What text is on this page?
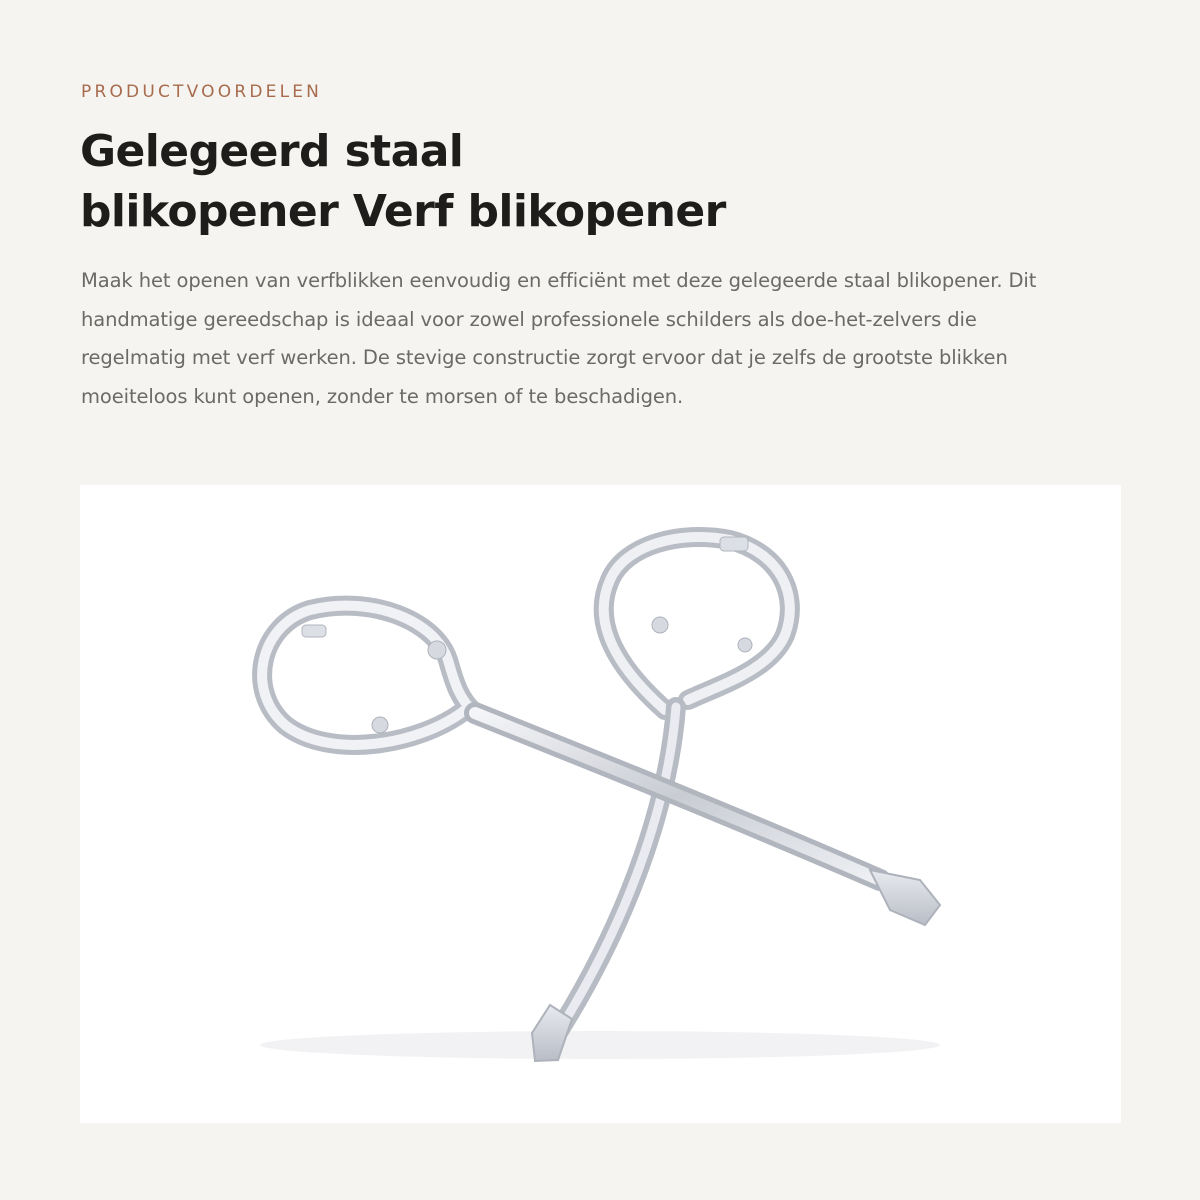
PRODUCTVOORDELEN

Gelegeerd staal
blikopener Verf blikopener

Maak het openen van verfblikken eenvoudig en efficiënt met deze gelegeerde staal blikopener. Dit handmatige gereedschap is ideaal voor zowel professionele schilders als doe-het-zelvers die regelmatig met verf werken. De stevige constructie zorgt ervoor dat je zelfs de grootste blikken moeiteloos kunt openen, zonder te morsen of te beschadigen.
